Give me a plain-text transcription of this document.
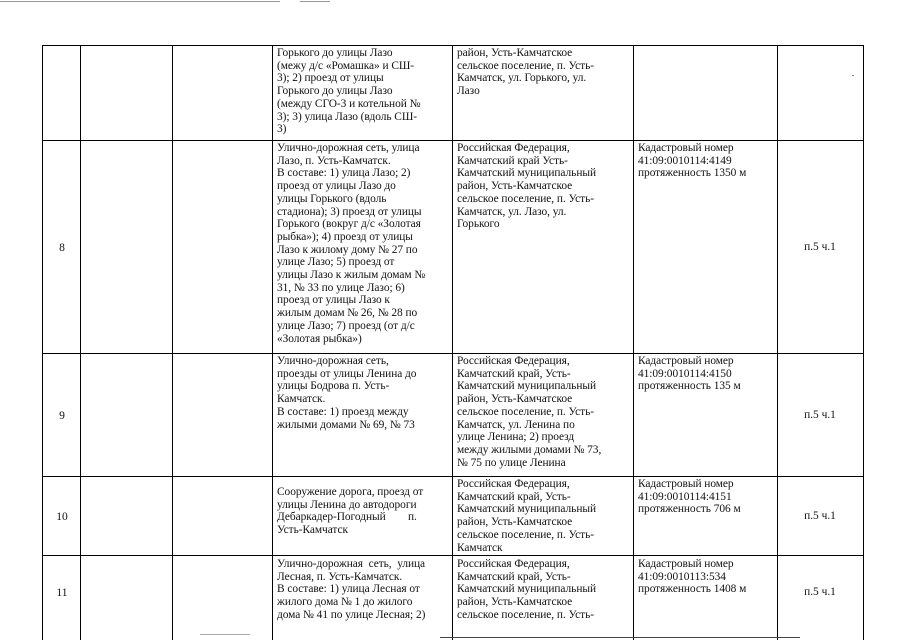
Горького до улицы Лазо
(межу д/с «Ромашка» и СШ-
3); 2) проезд от улицы
Горького до улицы Лазо
(между СГО-3 и котельной №
3); 3) улица Лазо (вдоль СШ-
3)
район, Усть-Камчатское
сельское поселение, п. Усть-
Камчатск, ул. Горького, ул.
Лазо
8
Улично-дорожная сеть, улица
Лазо, п. Усть-Камчатск.
В составе: 1) улица Лазо; 2)
проезд от улицы Лазо до
улицы Горького (вдоль
стадиона); 3) проезд от улицы
Горького (вокруг д/с «Золотая
рыбка»); 4) проезд от улицы
Лазо к жилому дому № 27 по
улице Лазо; 5) проезд от
улицы Лазо к жилым домам №
31, № 33 по улице Лазо; 6)
проезд от улицы Лазо к
жилым домам № 26, № 28 по
улице Лазо; 7) проезд (от д/с
«Золотая рыбка»)
Российская Федерация,
Камчатский край Усть-
Камчатский муниципальный
район, Усть-Камчатское
сельское поселение, п. Усть-
Камчатск, ул. Лазо, ул.
Горького
Кадастровый номер
41:09:0010114:4149
протяженность 1350 м
п.5 ч.1
9
Улично-дорожная сеть,
проезды от улицы Ленина до
улицы Бодрова п. Усть-
Камчатск.
В составе: 1) проезд между
жилыми домами № 69, № 73
Российская Федерация,
Камчатский край, Усть-
Камчатский муниципальный
район, Усть-Камчатское
сельское поселение, п. Усть-
Камчатск, ул. Ленина по
улице Ленина; 2) проезд
между жилыми домами № 73,
№ 75 по улице Ленина
Кадастровый номер
41:09:0010114:4150
протяженность 135 м
п.5 ч.1
10
Сооружение дорога, проезд от
улицы Ленина до автодороги
Дебаркадер-Погодный        п.
Усть-Камчатск
Российская Федерация,
Камчатский край, Усть-
Камчатский муниципальный
район, Усть-Камчатское
сельское поселение, п. Усть-
Камчатск
Кадастровый номер
41:09:0010114:4151
протяженность 706 м
п.5 ч.1
11
Улично-дорожная  сеть,  улица
Лесная, п. Усть-Камчатск.
В составе: 1) улица Лесная от
жилого дома № 1 до жилого
дома № 41 по улице Лесная; 2)
Российская Федерация,
Камчатский край, Усть-
Камчатский муниципальный
район, Усть-Камчатское
сельское поселение, п. Усть-
Кадастровый номер
41:09:0010113:534
протяженность 1408 м	п.5 ч.1
